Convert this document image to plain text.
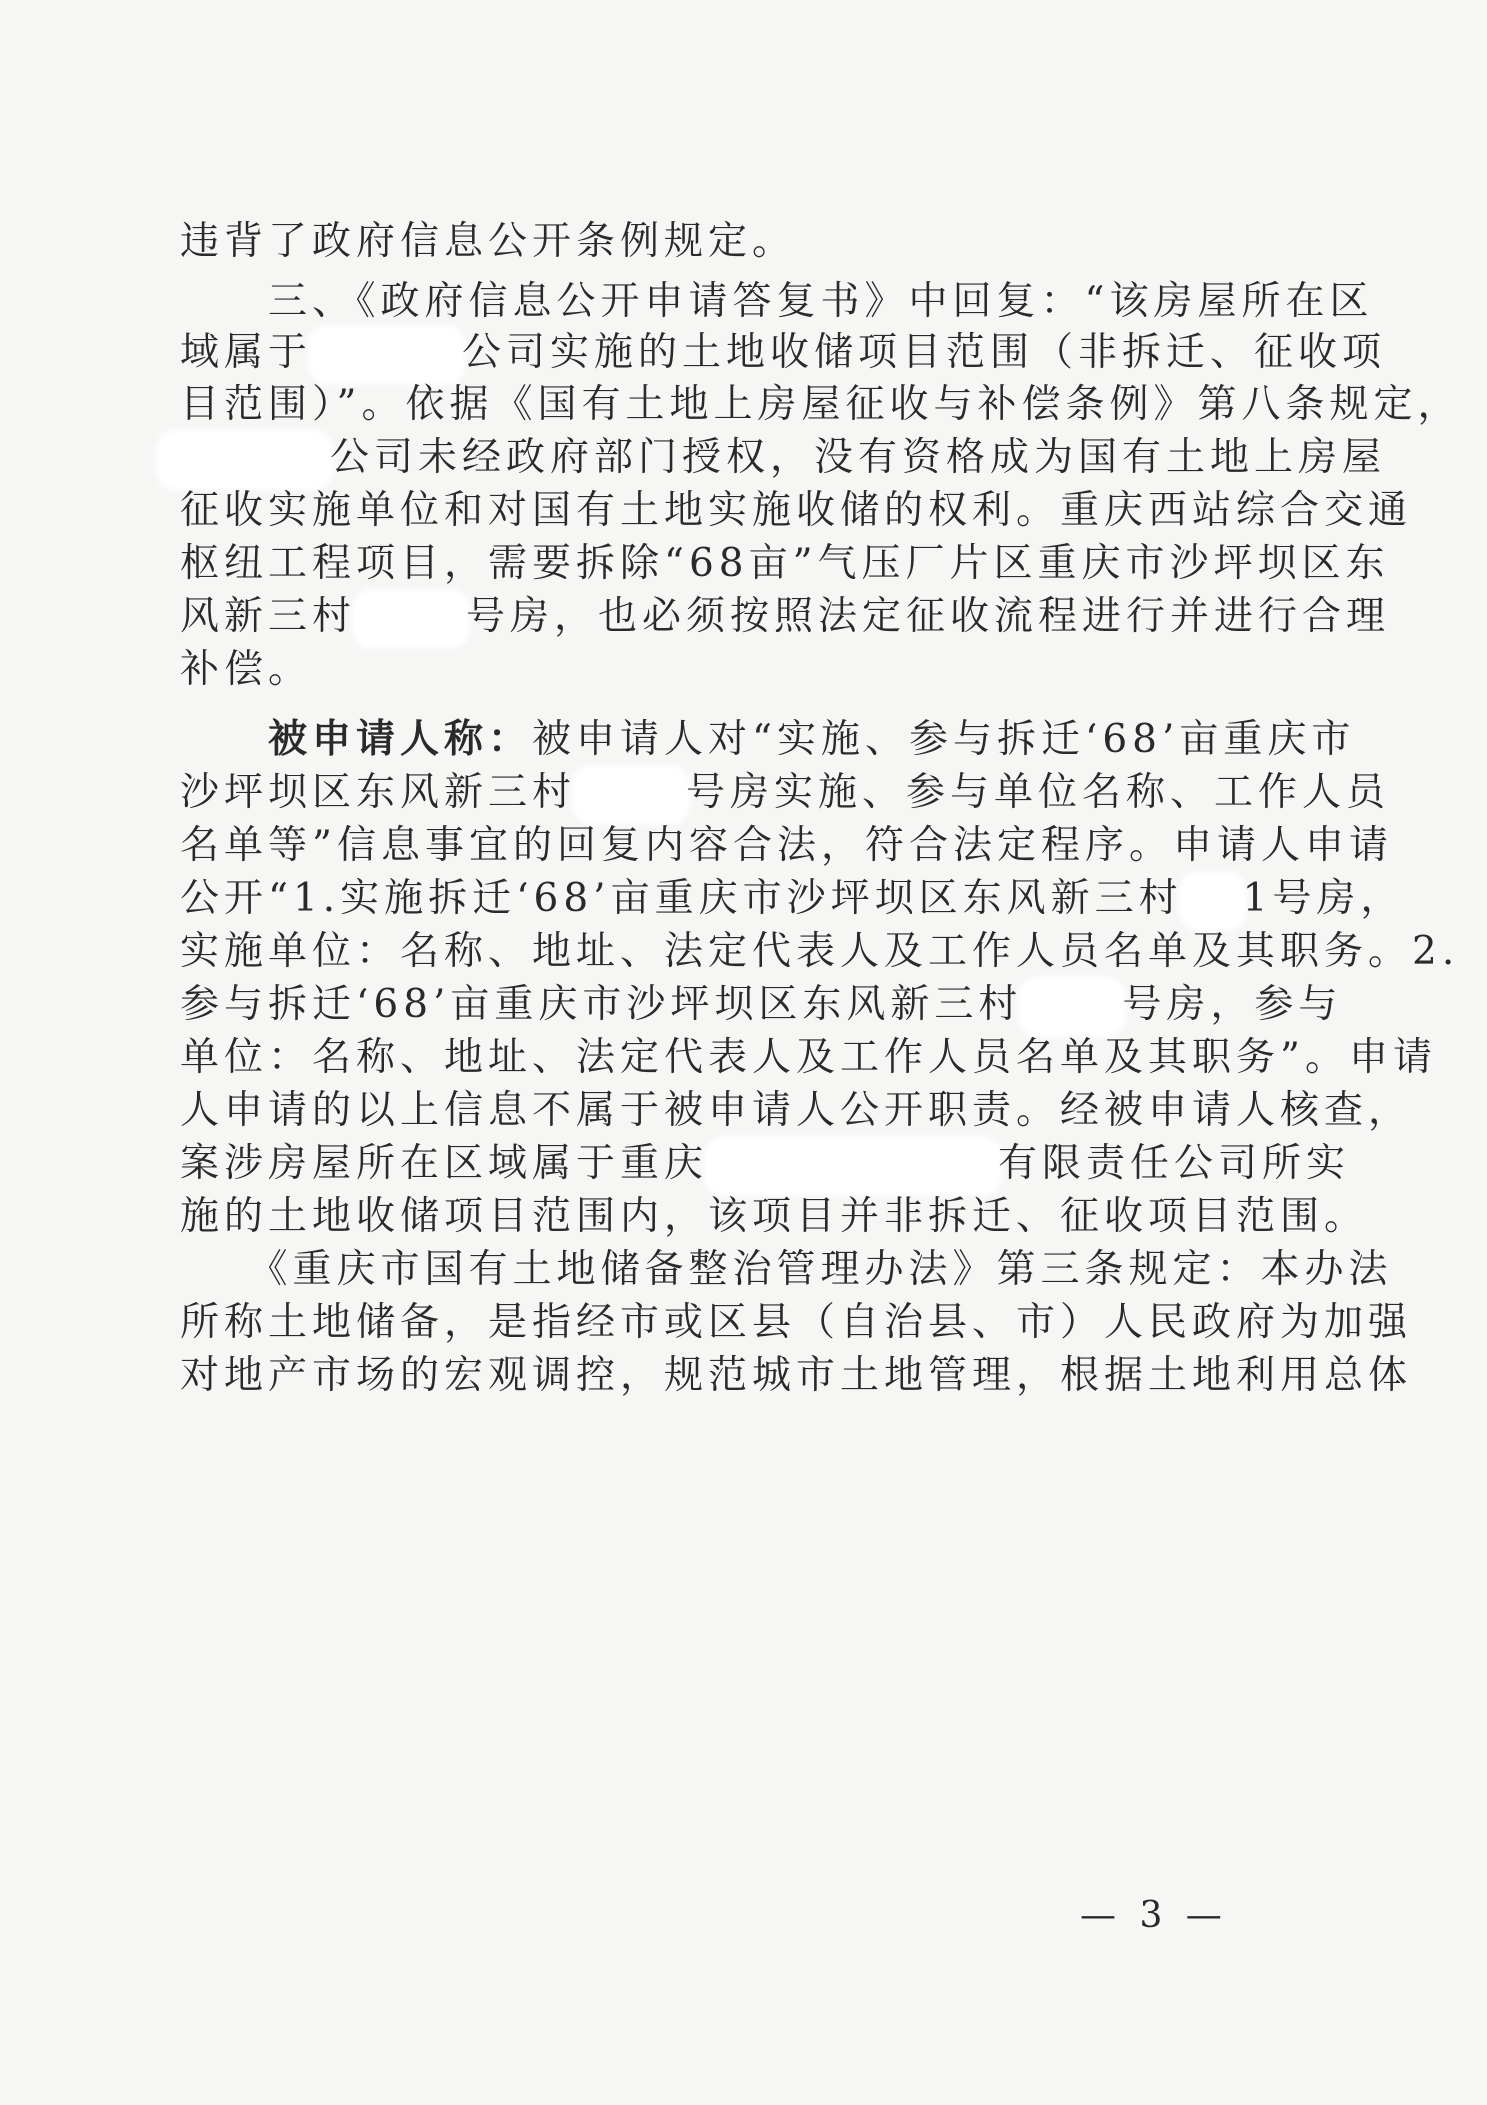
违背了政府信息公开条例规定。
　　三、《政府信息公开申请答复书》中回复：“该房屋所在区
域属于	公司实施的土地收储项目范围（非拆迁、征收项
目范围）”。依据《国有土地上房屋征收与补偿条例》第八条规定，
公司未经政府部门授权，没有资格成为国有土地上房屋
征收实施单位和对国有土地实施收储的权利。重庆西站综合交通
枢纽工程项目，需要拆除“68亩”气压厂片区重庆市沙坪坝区东
风新三村	号房，也必须按照法定征收流程进行并进行合理
补偿。
　　被申请人称：被申请人对“实施、参与拆迁‘68’亩重庆市
沙坪坝区东风新三村	号房实施、参与单位名称、工作人员
名单等”信息事宜的回复内容合法，符合法定程序。申请人申请
公开“1.实施拆迁‘68’亩重庆市沙坪坝区东风新三村 1号房，
实施单位：名称、地址、法定代表人及工作人员名单及其职务。2.
参与拆迁‘68’亩重庆市沙坪坝区东风新三村	号房，参与
单位：名称、地址、法定代表人及工作人员名单及其职务”。申请
人申请的以上信息不属于被申请人公开职责。经被申请人核查，
案涉房屋所在区域属于重庆	有限责任公司所实
施的土地收储项目范围内，该项目并非拆迁、征收项目范围。
　　《重庆市国有土地储备整治管理办法》第三条规定：本办法
所称土地储备，是指经市或区县（自治县、市）人民政府为加强
对地产市场的宏观调控，规范城市土地管理，根据土地利用总体
— 3 —
